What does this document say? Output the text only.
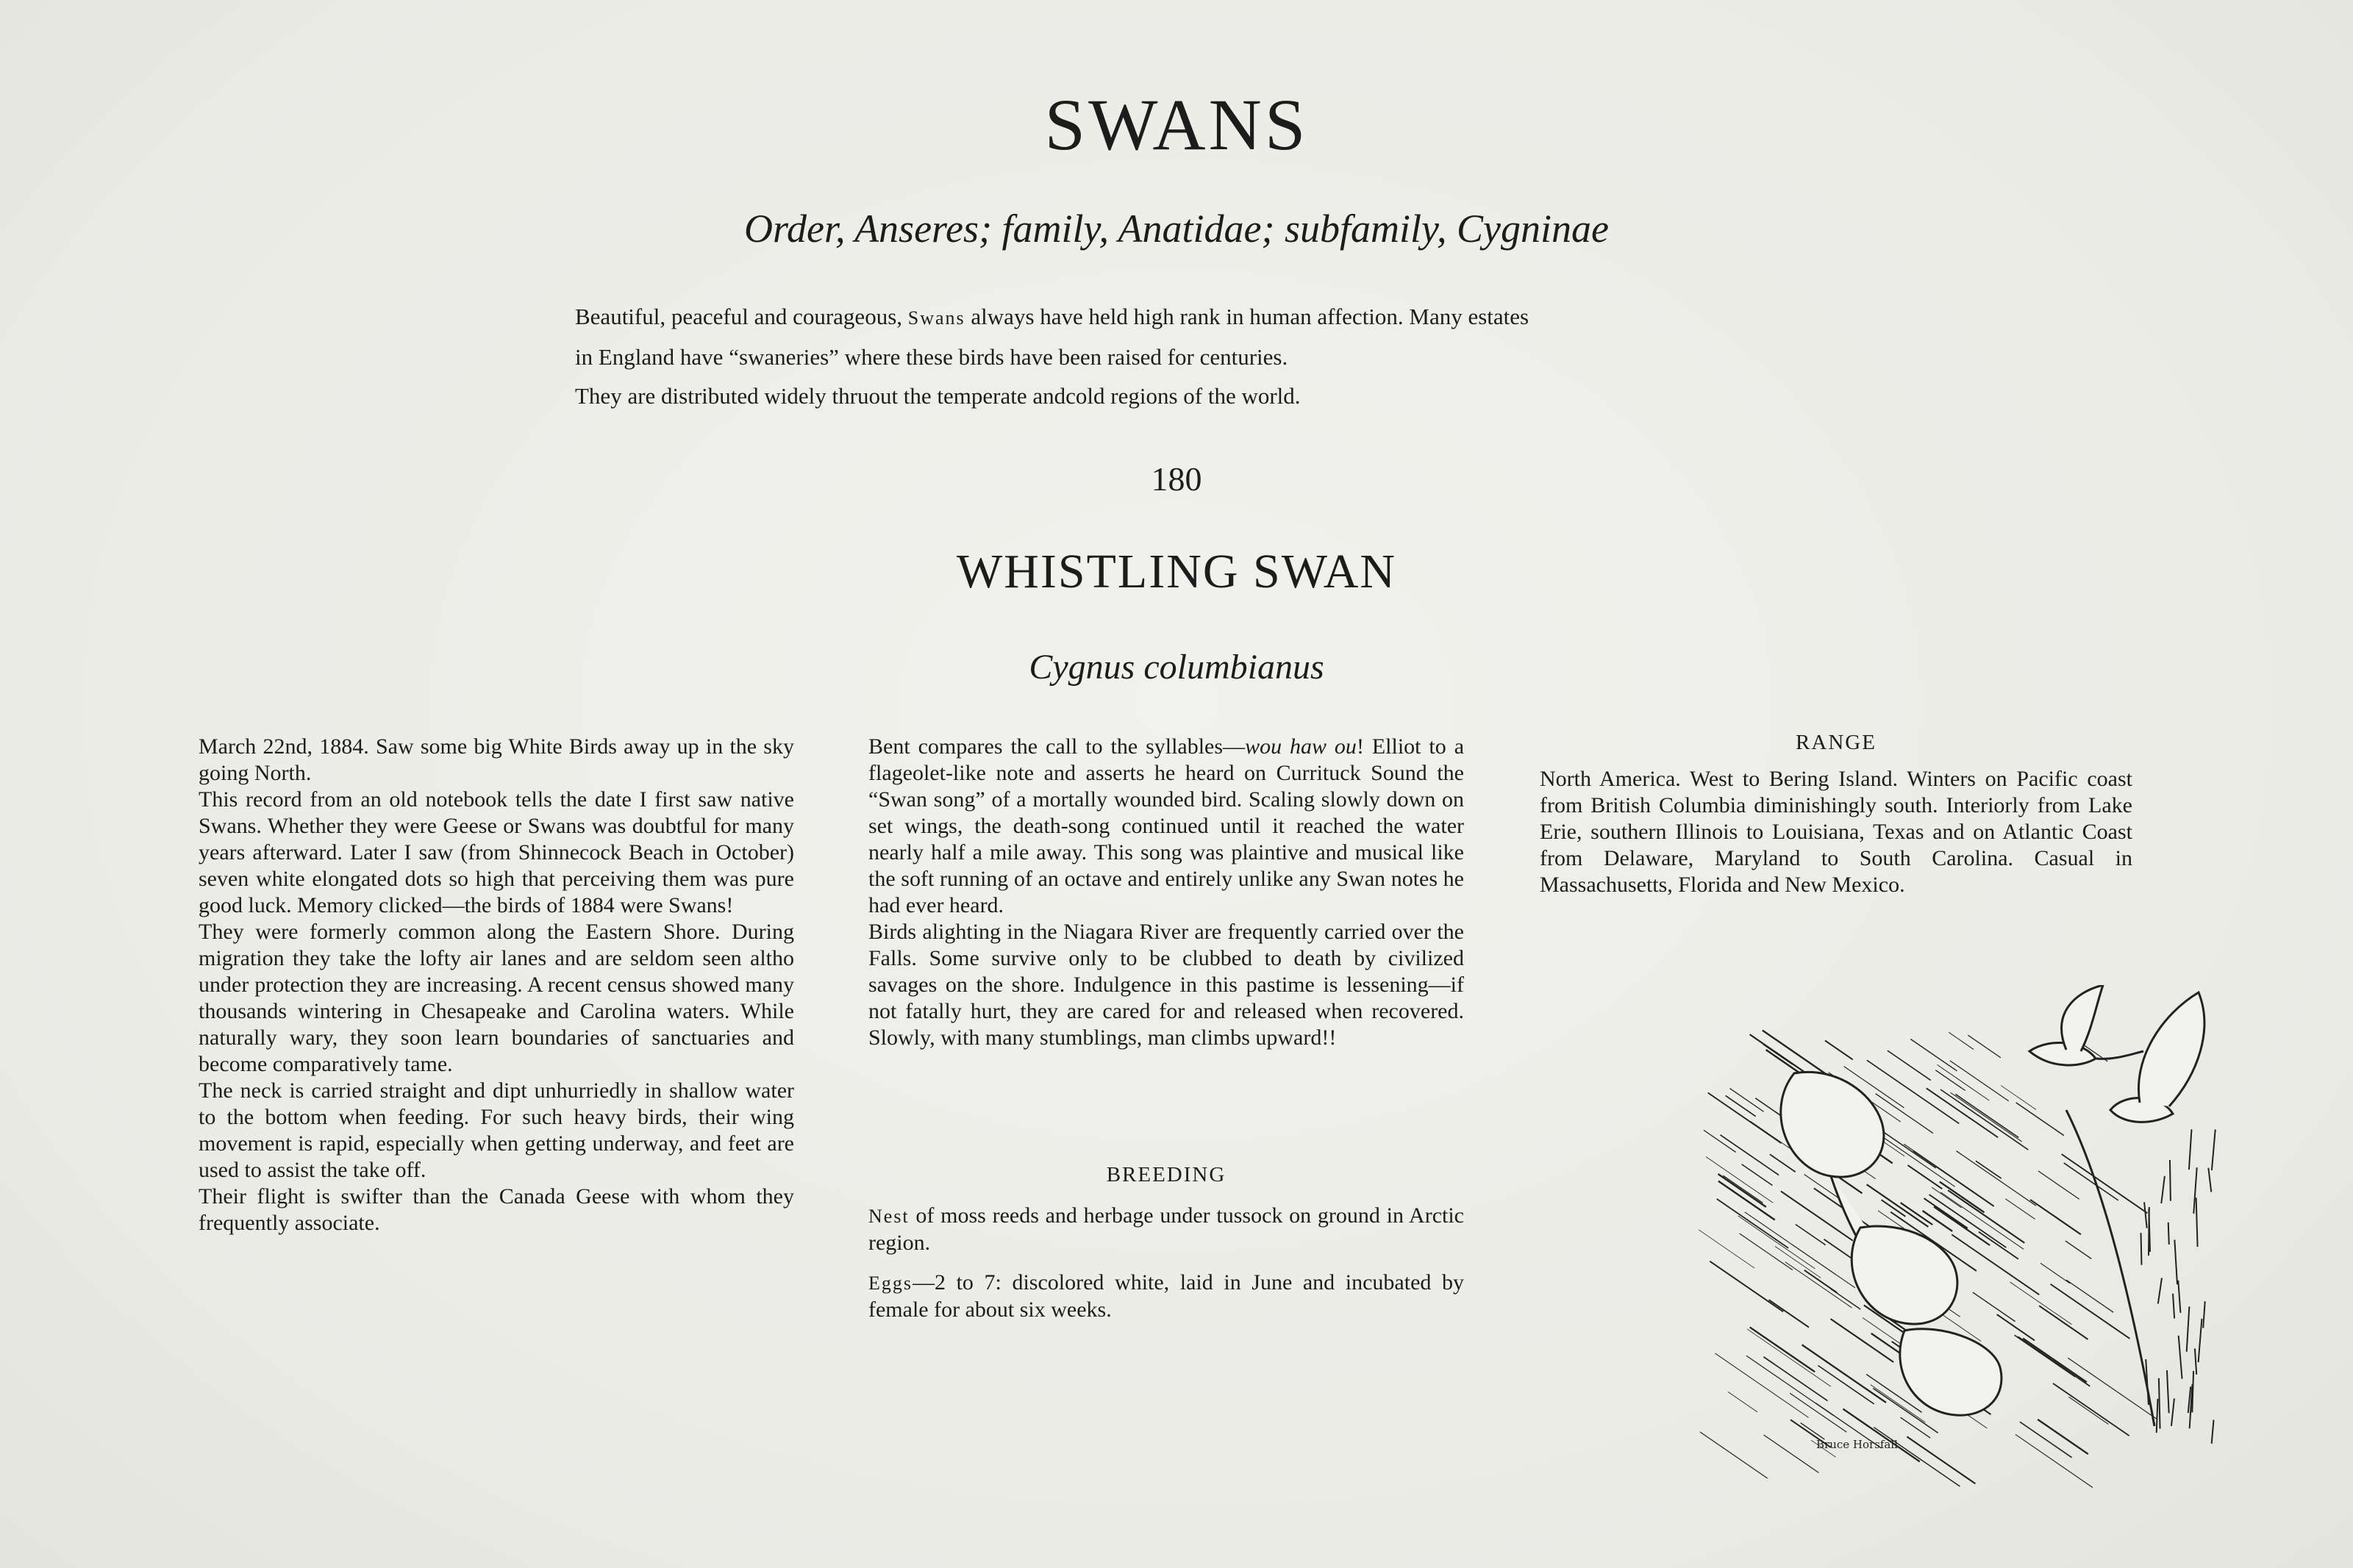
SWANS
Order, Anseres; family, Anatidae; subfamily, Cygninae

Beautiful, peaceful and courageous, Swans always have held high rank in human affection. Many estates

in England have “swaneries” where these birds have been raised for centuries.

They are distributed widely thruout the temperate andcold regions of the world.

180
WHISTLING SWAN
Cygnus columbianus

March 22nd, 1884. Saw some big White Birds away up in the sky going North.

This record from an old notebook tells the date I first saw native Swans. Whether they were Geese or Swans was doubtful for many years afterward. Later I saw (from Shinnecock Beach in October) seven white elongated dots so high that perceiving them was pure good luck. Memory clicked—the birds of 1884 were Swans!

They were formerly common along the Eastern Shore. During migration they take the lofty air lanes and are seldom seen altho under protection they are increasing. A recent census showed many thousands wintering in Chesapeake and Carolina waters. While naturally wary, they soon learn boundaries of sanctuaries and become comparatively tame.

The neck is carried straight and dipt unhurriedly in shallow water to the bottom when feeding. For such heavy birds, their wing movement is rapid, especially when getting underway, and feet are used to assist the take off.

Their flight is swifter than the Canada Geese with whom they frequently associate.

Bent compares the call to the syllables—wou haw ou! Elliot to a flageolet-like note and asserts he heard on Currituck Sound the “Swan song” of a mortally wounded bird. Scaling slowly down on set wings, the death-song continued until it reached the water nearly half a mile away. This song was plaintive and musical like the soft running of an octave and entirely unlike any Swan notes he had ever heard.

Birds alighting in the Niagara River are frequently carried over the Falls. Some survive only to be clubbed to death by civilized savages on the shore. Indulgence in this pastime is lessening—if not fatally hurt, they are cared for and released when recovered. Slowly, with many stumblings, man climbs upward!!

BREEDING

Nest of moss reeds and herbage under tussock on ground in Arctic region.

Eggs—2 to 7: discolored white, laid in June and incubated by female for about six weeks.

RANGE

North America. West to Bering Island. Winters on Pacific coast from British Columbia diminishingly south. Interiorly from Lake Erie, southern Illinois to Louisiana, Texas and on Atlantic Coast from Delaware, Maryland to South Carolina. Casual in Massachusetts, Florida and New Mexico.

Bruce Horsfall
